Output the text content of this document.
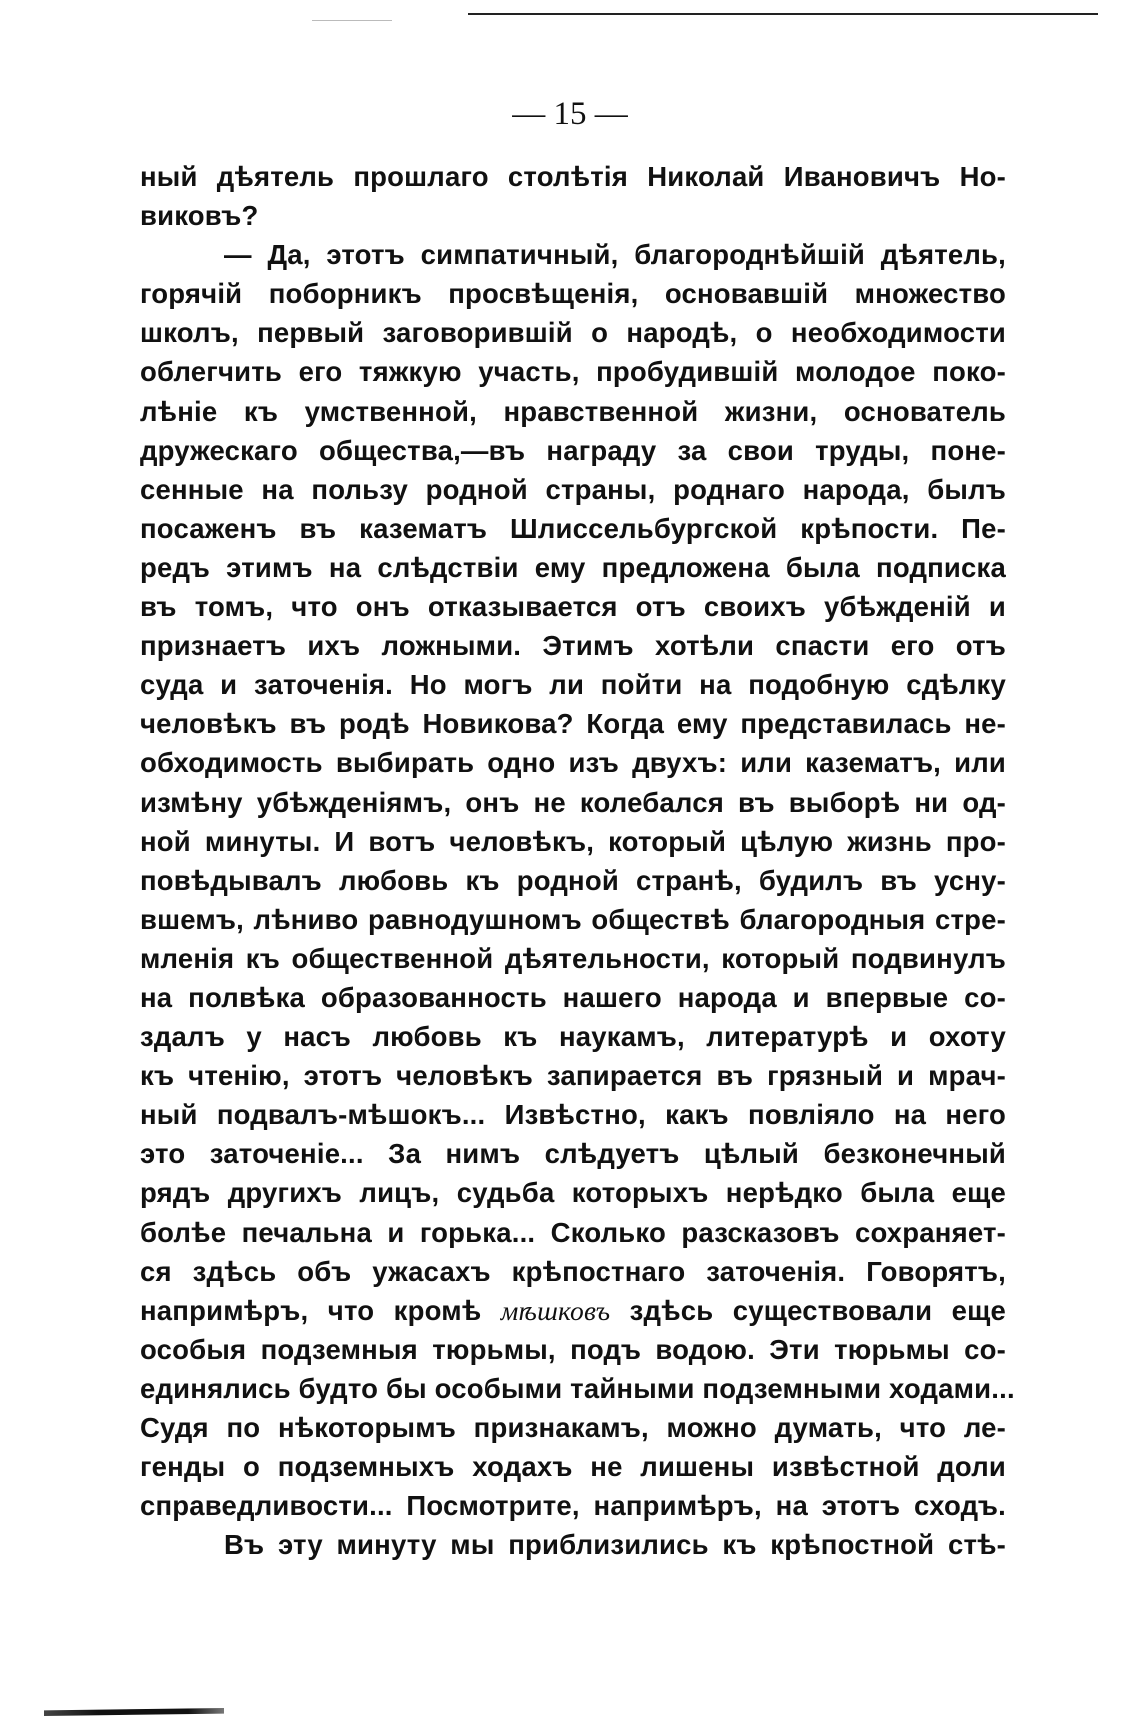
— 15 —
ный дѣятель прошлаго столѣтія Николай Ивановичъ Но-
виковъ?
— Да, этотъ симпатичный, благороднѣйшій дѣятель,
горячій поборникъ просвѣщенія, основавшій множество
школъ, первый заговорившій о народѣ, о необходимости
облегчить его тяжкую участь, пробудившій молодое поко-
лѣніе къ умственной, нравственной жизни, основатель
дружескаго общества,—въ награду за свои труды, поне-
сенные на пользу родной страны, роднаго народа, былъ
посаженъ въ казематъ Шлиссельбургской крѣпости. Пе-
редъ этимъ на слѣдствіи ему предложена была подписка
въ томъ, что онъ отказывается отъ своихъ убѣжденій и
признаетъ ихъ ложными. Этимъ хотѣли спасти его отъ
суда и заточенія. Но могъ ли пойти на подобную сдѣлку
человѣкъ въ родѣ Новикова? Когда ему представилась не-
обходимость выбирать одно изъ двухъ: или казематъ, или
измѣну убѣжденіямъ, онъ не колебался въ выборѣ ни од-
ной минуты. И вотъ человѣкъ, который цѣлую жизнь про-
повѣдывалъ любовь къ родной странѣ, будилъ въ усну-
вшемъ, лѣниво равнодушномъ обществѣ благородныя стре-
мленія къ общественной дѣятельности, который подвинулъ
на полвѣка образованность нашего народа и впервые со-
здалъ у насъ любовь къ наукамъ, литературѣ и охоту
къ чтенію, этотъ человѣкъ запирается въ грязный и мрач-
ный подвалъ-мѣшокъ... Извѣстно, какъ повліяло на него
это заточеніе... За нимъ слѣдуетъ цѣлый безконечный
рядъ другихъ лицъ, судьба которыхъ нерѣдко была еще
болѣе печальна и горька... Сколько разсказовъ сохраняет-
ся здѣсь объ ужасахъ крѣпостнаго заточенія. Говорятъ,
напримѣръ, что кромѣ мѣшковъ здѣсь существовали еще
особыя подземныя тюрьмы, подъ водою. Эти тюрьмы со-
единялись будто бы особыми тайными подземными ходами...
Судя по нѣкоторымъ признакамъ, можно думать, что ле-
генды о подземныхъ ходахъ не лишены извѣстной доли
справедливости... Посмотрите, напримѣръ, на этотъ сходъ.
Въ эту минуту мы приблизились къ крѣпостной стѣ-
